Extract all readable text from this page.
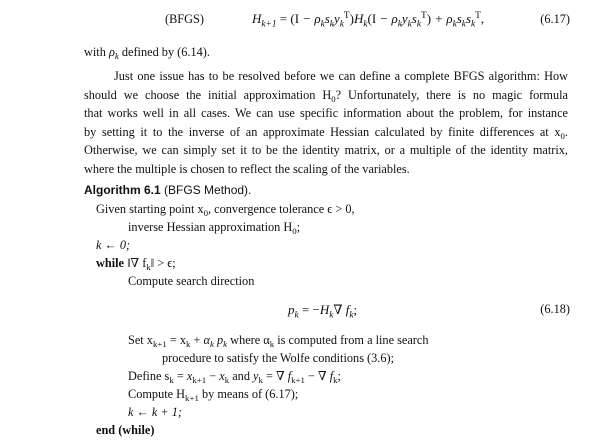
(BFGS)	$H_{k+1} = (I - \rho_ks_ky_k^T)H_k(I - \rho_ky_ks_k^T) + \rho_ks_ks_k^T$,	(6.17)
with $\rho_k$ defined by (6.14).
Just one issue has to be resolved before we can define a complete BFGS algorithm: How
should we choose the initial approximation $H_0$? Unfortunately, there is no magic formula
that works well in all cases. We can use specific information about the problem, for instance
by setting it to the inverse of an approximate Hessian calculated by finite differences at $x_0$.
Otherwise, we can simply set it to be the identity matrix, or a multiple of the identity matrix,
where the multiple is chosen to reflect the scaling of the variables.
Algorithm 6.1 (BFGS Method).
Given starting point $x_0$, convergence tolerance ϵ > 0,
inverse Hessian approximation $H_0$;
k ← 0;
while ‖∇ $f_k‖ > \epsilon$;
Compute search direction
$p_k = -H_k\nabla$ $f_k$;	(6.18)
Set $x_{k+1} = x_k + \alpha_k$ $p_k$ where $\alpha_k$ is computed from a line search
procedure to satisfy the Wolfe conditions (3.6);
Define $s_k = x_{k+1} - x_k$ and $y_k$ = ∇ $f_{k+1}$ − ∇ $f_k$;
Compute $H_{k+1}$ by means of (6.17);
k ← k + 1;
end (while)
